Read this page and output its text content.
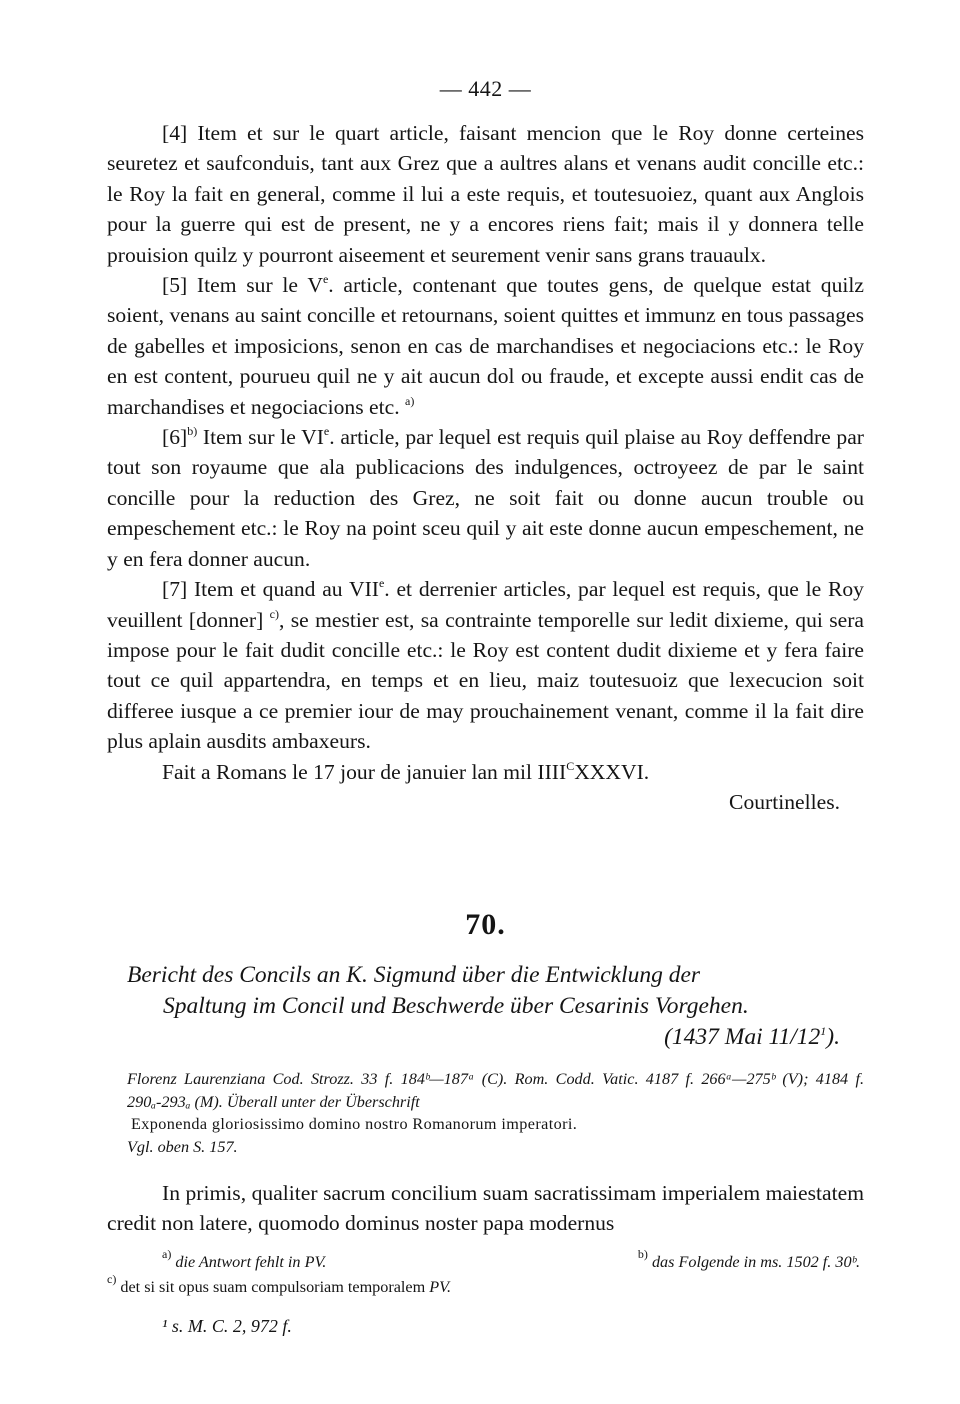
— 442 —

[4] Item et sur le quart article, faisant mencion que le Roy donne certeines seuretez et saufconduis, tant aux Grez que a aultres alans et venans audit concille etc.: le Roy la fait en general, comme il lui a este requis, et toutesuoiez, quant aux Anglois pour la guerre qui est de present, ne y a encores riens fait; mais il y donnera telle prouision quilz y pourront aiseement et seurement venir sans grans trauaulx.

[5] Item sur le Ve. article, contenant que toutes gens, de quelque estat quilz soient, venans au saint concille et retournans, soient quittes et immunz en tous passages de gabelles et imposicions, senon en cas de marchandises et negociacions etc.: le Roy en est content, pourueu quil ne y ait aucun dol ou fraude, et excepte aussi endit cas de marchandises et negociacions etc. $^{a)}$

$[6]^{b)}$ Item sur le VIe. article, par lequel est requis quil plaise au Roy deffendre par tout son royaume que ala publicacions des indulgences, octroyeez de par le saint concille pour la reduction des Grez, ne soit fait ou donne aucun trouble ou empeschement etc.: le Roy na point sceu quil y ait este donne aucun empeschement, ne y en fera donner aucun.

[7] Item et quand au VIIe. et derrenier articles, par lequel est requis, que le Roy veuillent [donner] $^{c)}$, se mestier est, sa contrainte temporelle sur ledit dixieme, qui sera impose pour le fait dudit concille etc.: le Roy est content dudit dixieme et y fera faire tout ce quil appartendra, en temps et en lieu, maiz toutesuoiz que lexecucion soit differee iusque a ce premier iour de may prouchainement venant, comme il la fait dire plus aplain ausdits ambaxeurs.

Fait a Romans le 17 jour de januier lan mil $IIII^CXXXVI$.

Courtinelles.

70.
Bericht des Concils an K. Sigmund über die Entwicklung der
Spaltung im Concil und Beschwerde über Cesarinis Vorgehen.
(1437 Mai $11/12^1$).
Florenz Laurenziana Cod. Strozz. 33 f. 184ᵇ—187ᵃ (C). Rom. Codd. Vatic. 4187 f. 266ᵃ—275ᵇ (V); 4184 f. 290ₐ-293ₐ (M). Überall unter der Überschrift
Exponenda gloriosissimo domino nostro Romanorum imperatori.
Vgl. oben S. 157.

In primis, qualiter sacrum concilium suam sacratissimam imperialem maiestatem credit non latere, quomodo dominus noster papa modernus

$^{a)}$ die Antwort fehlt in PV.	$^{b)}$ das Folgende in ms. 1502 f. 30ᵇ.
$^{c)}$ det si sit opus suam compulsoriam temporalem PV.
¹ s. M. C. 2, 972 f.
